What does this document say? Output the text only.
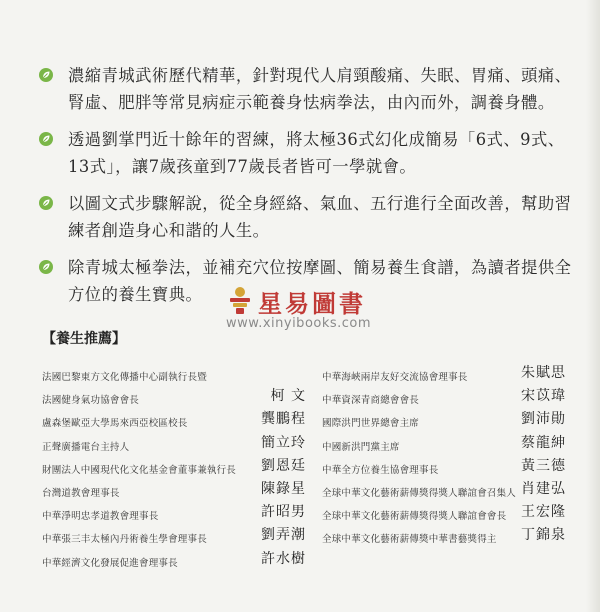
濃縮青城武術歷代精華，針對現代人肩頸酸痛、失眠、胃痛、頭痛、腎虛、肥胖等常見病症示範養身怯病拳法，由內而外，調養身體。
透過劉掌門近十餘年的習練，將太極36式幻化成簡易「6式、9式、13式」，讓7歲孩童到77歲長者皆可一學就會。
以圖文式步驟解說，從全身經絡、氣血、五行進行全面改善，幫助習練者創造身心和諧的人生。
除青城太極拳法，並補充穴位按摩圖、簡易養生食譜，為讀者提供全方位的養生寶典。	星易圖書
www.xinyibooks.com
【養生推薦】
法國巴黎東方文化傳播中心副執行長暨
法國健身氣功協會會長	柯 文
盧森堡歐亞大學馬來西亞校區校長	龔鵬程
正聲廣播電台主持人	簡立玲
財團法人中國現代化文化基金會董事兼執行長 劉恩廷
台灣道教會理事長	陳錄星
中華淨明忠孝道教會理事長	許昭男
中華張三丰太極內丹術養生學會理事長	劉弄潮
中華經濟文化發展促進會理事長	許水樹
中華海峽兩岸友好交流協會理事長	朱賦思
中華資深青商總會會長	宋苡瑋
國際洪門世界總會主席	劉沛勛
中國新洪門黨主席	蔡龍紳
中華全方位養生協會理事長	黃三德
全球中華文化藝術薪傳獎得獎人聯誼會召集人 肖建弘
全球中華文化藝術薪傳獎得獎人聯誼會會長 王宏隆
全球中華文化藝術薪傳獎中華書藝獎得主 丁錦泉
